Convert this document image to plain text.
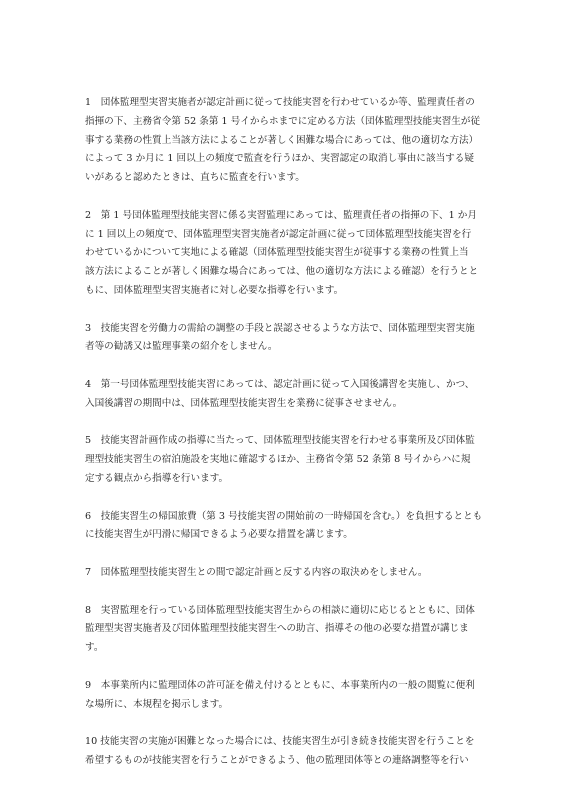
1　団体監理型実習実施者が認定計画に従って技能実習を行わせているか等、監理責任者の
指揮の下、主務省令第 52 条第 1 号イからホまでに定める方法（団体監理型技能実習生が従
事する業務の性質上当該方法によることが著しく困難な場合にあっては、他の適切な方法）
によって 3 か月に 1 回以上の頻度で監査を行うほか、実習認定の取消し事由に該当する疑
いがあると認めたときは、直ちに監査を行います。
2　第 1 号団体監理型技能実習に係る実習監理にあっては、監理責任者の指揮の下、1 か月
に 1 回以上の頻度で、団体監理型実習実施者が認定計画に従って団体監理型技能実習を行
わせているかについて実地による確認（団体監理型技能実習生が従事する業務の性質上当
該方法によることが著しく困難な場合にあっては、他の適切な方法による確認）を行うとと
もに、団体監理型実習実施者に対し必要な指導を行います。
3　技能実習を労働力の需給の調整の手段と誤認させるような方法で、団体監理型実習実施
者等の勧誘又は監理事業の紹介をしません。
4　第一号団体監理型技能実習にあっては、認定計画に従って入国後講習を実施し、かつ、
入国後講習の期間中は、団体監理型技能実習生を業務に従事させません。
5　技能実習計画作成の指導に当たって、団体監理型技能実習を行わせる事業所及び団体監
理型技能実習生の宿泊施設を実地に確認するほか、主務省令第 52 条第 8 号イからハに規
定する観点から指導を行います。
6　技能実習生の帰国旅費（第 3 号技能実習の開始前の一時帰国を含む。）を負担するととも
に技能実習生が円滑に帰国できるよう必要な措置を講じます。
7　団体監理型技能実習生との間で認定計画と反する内容の取決めをしません。
8　実習監理を行っている団体監理型技能実習生からの相談に適切に応じるとともに、団体
監理型実習実施者及び団体監理型技能実習生への助言、指導その他の必要な措置が講じま
す。
9　本事業所内に監理団体の許可証を備え付けるとともに、本事業所内の一般の閲覧に便利
な場所に、本規程を掲示します。
10 技能実習の実施が困難となった場合には、技能実習生が引き続き技能実習を行うことを
希望するものが技能実習を行うことができるよう、他の監理団体等との連絡調整等を行い
